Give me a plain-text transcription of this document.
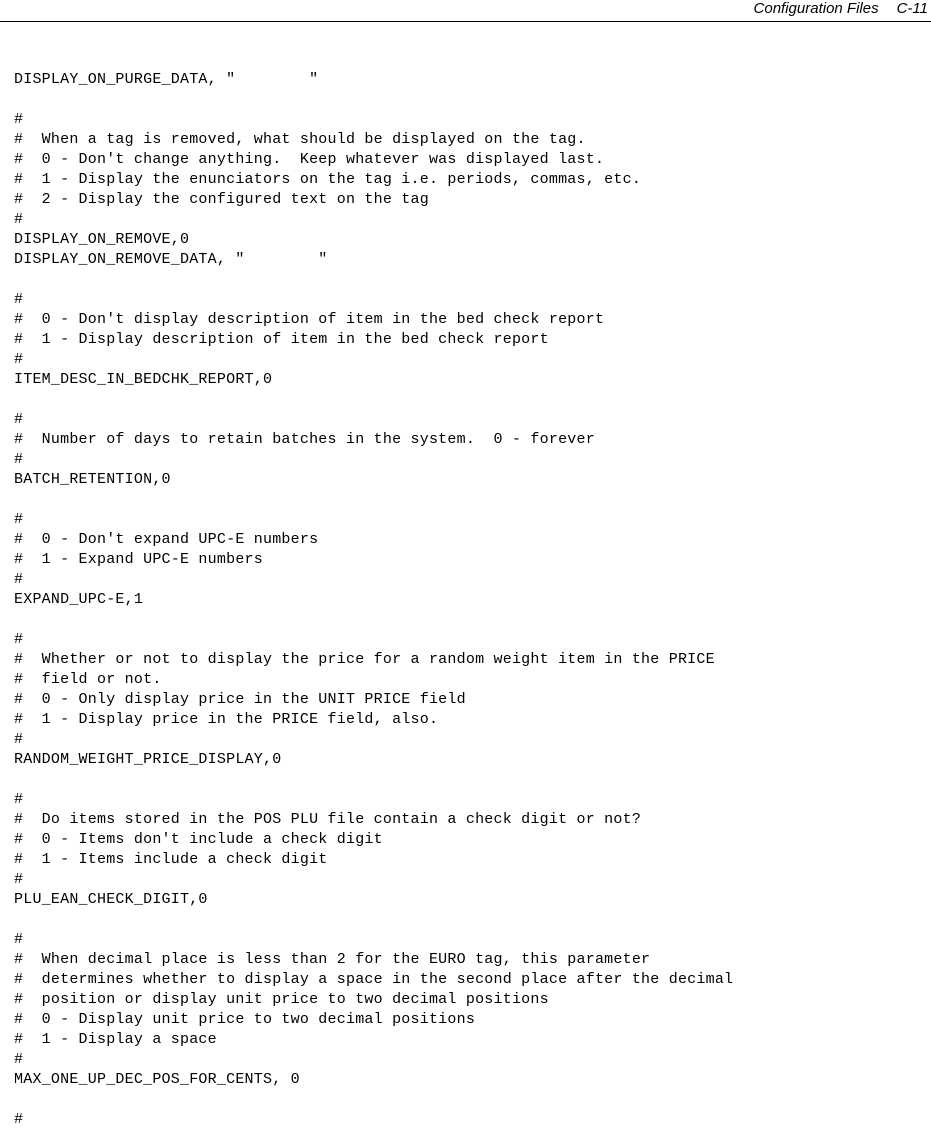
Configuration Files C-11
DISPLAY_ON_PURGE_DATA, "        "
#
#  When a tag is removed, what should be displayed on the tag.
#  0 - Don't change anything.  Keep whatever was displayed last.
#  1 - Display the enunciators on the tag i.e. periods, commas, etc.
#  2 - Display the configured text on the tag
#
DISPLAY_ON_REMOVE,0
DISPLAY_ON_REMOVE_DATA, "        "
#
#  0 - Don't display description of item in the bed check report
#  1 - Display description of item in the bed check report
#
ITEM_DESC_IN_BEDCHK_REPORT,0
#
#  Number of days to retain batches in the system.  0 - forever
#
BATCH_RETENTION,0
#
#  0 - Don't expand UPC-E numbers
#  1 - Expand UPC-E numbers
#
EXPAND_UPC-E,1
#
#  Whether or not to display the price for a random weight item in the PRICE
#  field or not.
#  0 - Only display price in the UNIT PRICE field
#  1 - Display price in the PRICE field, also.
#
RANDOM_WEIGHT_PRICE_DISPLAY,0
#
#  Do items stored in the POS PLU file contain a check digit or not?
#  0 - Items don't include a check digit
#  1 - Items include a check digit
#
PLU_EAN_CHECK_DIGIT,0
#
#  When decimal place is less than 2 for the EURO tag, this parameter
#  determines whether to display a space in the second place after the decimal
#  position or display unit price to two decimal positions
#  0 - Display unit price to two decimal positions
#  1 - Display a space
#
MAX_ONE_UP_DEC_POS_FOR_CENTS, 0
#
